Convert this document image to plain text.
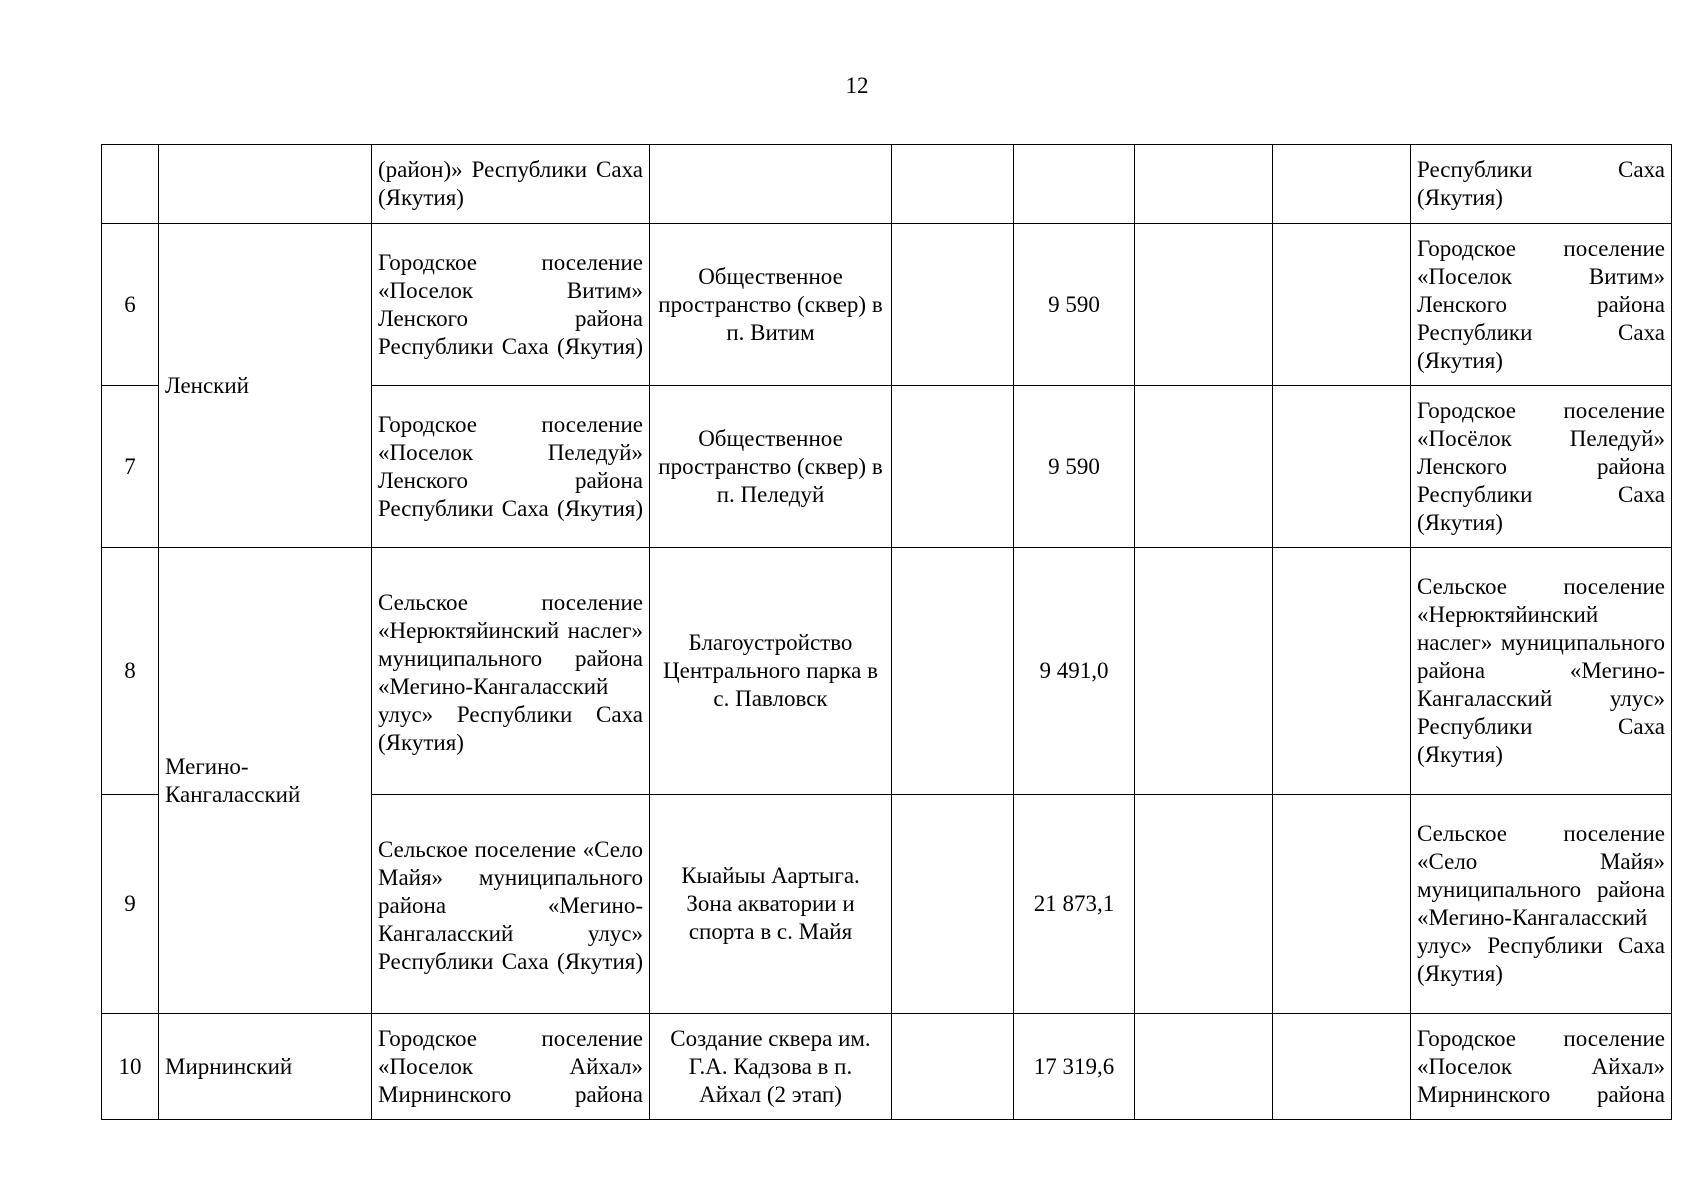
12
		(район)» Республики Саха (Якутия)						Республики Саха (Якутия)
6	Ленский	Городское поселение «Поселок Витим» Ленского района Республики Саха (Якутия)	Общественное пространство (сквер) в п. Витим		9 590			Городское поселение «Поселок Витим» Ленского района Республики Саха (Якутия)
7		Городское поселение «Поселок Пеледуй» Ленского района Республики Саха (Якутия)	Общественное пространство (сквер) в п. Пеледуй		9 590			Городское поселение «Посёлок Пеледуй» Ленского района Республики Саха (Якутия)
8	Мегино-Кангаласский	Сельское поселение «Нерюктяйинский наслег» муниципального района «Мегино-Кангаласский улус» Республики Саха (Якутия)	Благоустройство Центрального парка в с. Павловск		9 491,0			Сельское поселение «Нерюктяйинский наслег» муниципального района «Мегино-Кангаласский улус» Республики Саха (Якутия)
9		Сельское поселение «Село Майя» муниципального района «Мегино-Кангаласский улус» Республики Саха (Якутия)	Кыайыы Аартыга. Зона акватории и спорта в с. Майя		21 873,1			Сельское поселение «Село Майя» муниципального района «Мегино-Кангаласский улус» Республики Саха (Якутия)
10	Мирнинский	Городское поселение «Поселок Айхал» Мирнинского района	Создание сквера им. Г.А. Кадзова в п. Айхал (2 этап)		17 319,6			Городское поселение «Поселок Айхал» Мирнинского района
